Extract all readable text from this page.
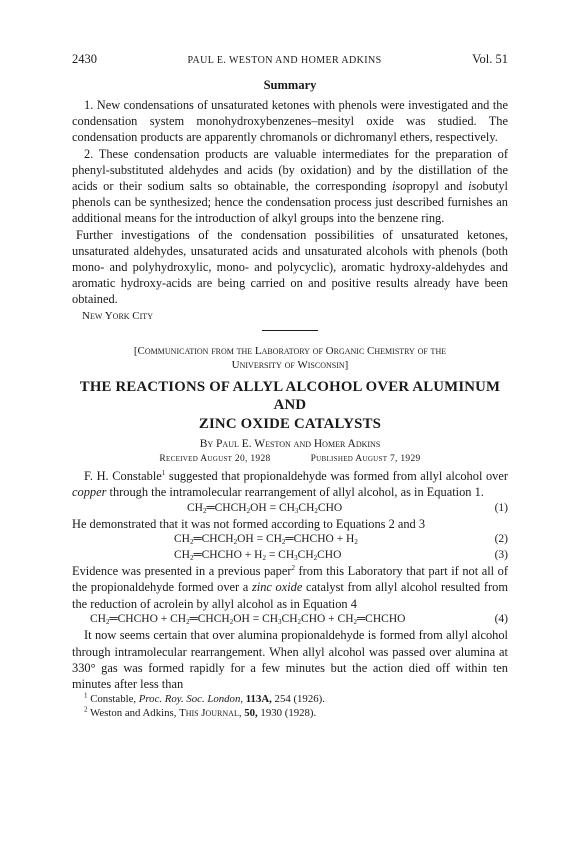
2430	PAUL E. WESTON AND HOMER ADKINS	Vol. 51
Summary

1. New condensations of unsaturated ketones with phenols were investigated and the condensation system monohydroxybenzenes–mesityl oxide was studied. The condensation products are apparently chromanols or dichromanyl ethers, respectively.

2. These condensation products are valuable intermediates for the preparation of phenyl-substituted aldehydes and acids (by oxidation) and by the distillation of the acids or their sodium salts so obtainable, the corresponding isopropyl and isobutyl phenols can be synthesized; hence the condensation process just described furnishes an additional means for the introduction of alkyl groups into the benzene ring.

Further investigations of the condensation possibilities of unsaturated ketones, unsaturated aldehydes, unsaturated acids and unsaturated alcohols with phenols (both mono- and polyhydroxylic, mono- and polycyclic), aromatic hydroxy-aldehydes and aromatic hydroxy-acids are being carried on and positive results already have been obtained.

New York City
[Communication from the Laboratory of Organic Chemistry of the
University of Wisconsin]
THE REACTIONS OF ALLYL ALCOHOL OVER ALUMINUM AND
ZINC OXIDE CATALYSTS
By Paul E. Weston and Homer Adkins
Received August 20, 1928	Published August 7, 1929

F. H. Constable$^1$ suggested that propionaldehyde was formed from allyl alcohol over copper through the intramolecular rearrangement of allyl alcohol, as in Equation 1.

$CH_2═CHCH_2OH = CH_3CH_2CHO$	(1)

He demonstrated that it was not formed according to Equations 2 and 3

$CH_2═CHCH_2OH$ = $CH_2═CHCHO + H_2$	(2)
$CH_2═CHCHO + H_2 = CH_3CH_2CHO$	(3)

Evidence was presented in a previous paper$^2$ from this Laboratory that part if not all of the propionaldehyde formed over a zinc oxide catalyst from allyl alcohol resulted from the reduction of acrolein by allyl alcohol as in Equation 4

$CH_2═CHCHO$ + $CH_2═CHCH_2OH = CH_3CH_2CHO$ + $CH_2═CHCHO$	(4)

It now seems certain that over alumina propionaldehyde is formed from allyl alcohol through intramolecular rearrangement. When allyl alcohol was passed over alumina at 330° gas was formed rapidly for a few minutes but the action died off within ten minutes after less than

$^1$ Constable, Proc. Roy. Soc. London, 113A, 254 (1926).
$^2$ Weston and Adkins, This Journal, 50, 1930 (1928).
